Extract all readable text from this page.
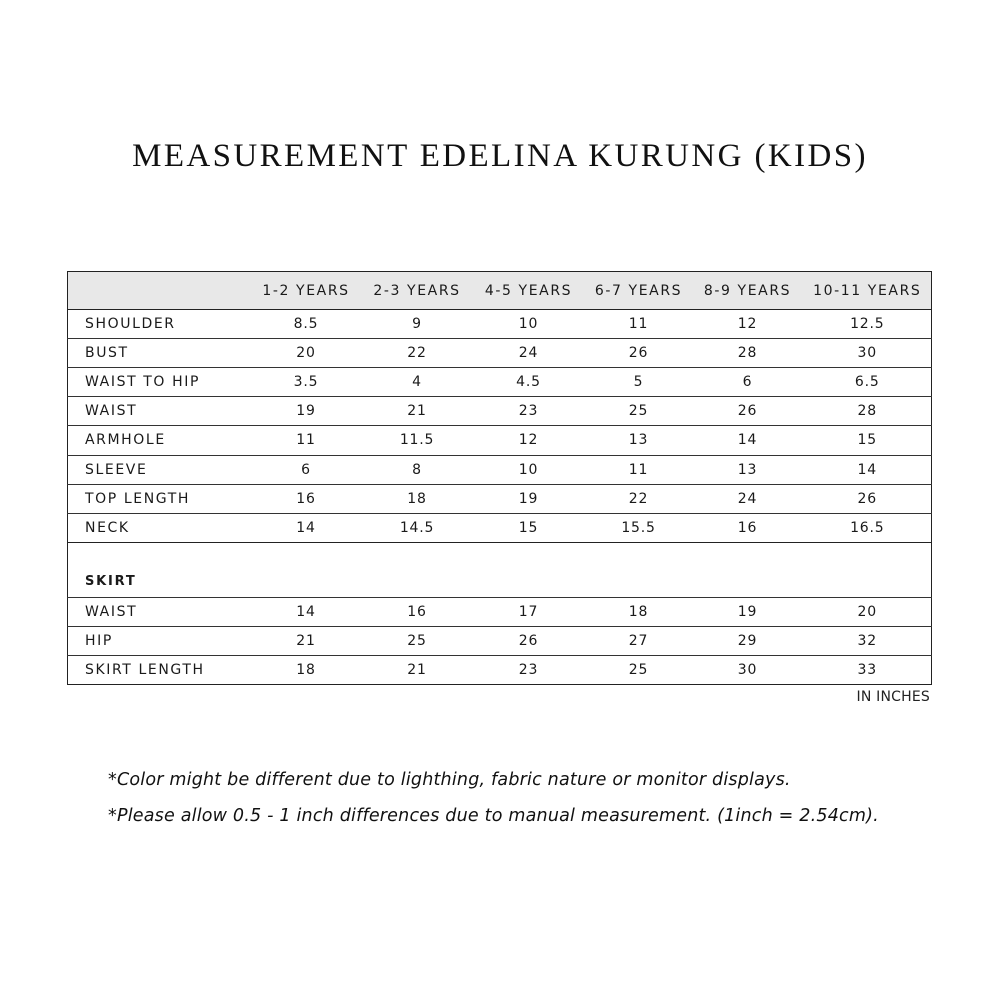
MEASUREMENT EDELINA KURUNG (KIDS)
	1-2 YEARS	2-3 YEARS	4-5 YEARS	6-7 YEARS	8-9 YEARS	10-11 YEARS
SHOULDER	8.5	9	10	11	12	12.5
BUST	20	22	24	26	28	30
WAIST TO HIP	3.5	4	4.5	5	6	6.5
WAIST	19	21	23	25	26	28
ARMHOLE	11	11.5	12	13	14	15
SLEEVE	6	8	10	11	13	14
TOP LENGTH	16	18	19	22	24	26
NECK	14	14.5	15	15.5	16	16.5

SKIRT						
WAIST	14	16	17	18	19	20
HIP	21	25	26	27	29	32
SKIRT LENGTH	18	21	23	25	30	33
IN INCHES
*Color might be different due to lighthing, fabric nature or monitor displays.
*Please allow 0.5 - 1 inch differences due to manual measurement. (1inch = 2.54cm).
